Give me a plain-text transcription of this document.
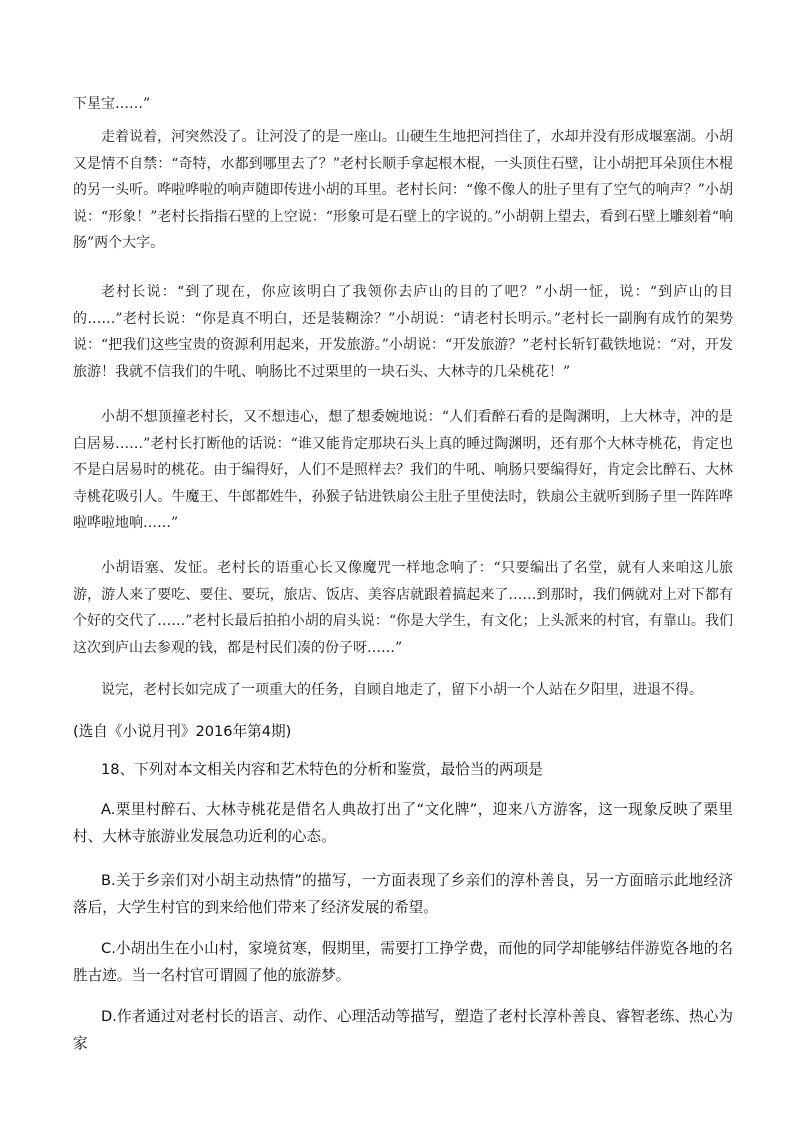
下星宝……”

走着说着，河突然没了。让河没了的是一座山。山硬生生地把河挡住了，水却并没有形成堰塞湖。小胡又是情不自禁：“奇特，水都到哪里去了？”老村长顺手拿起根木棍，一头顶住石壁，让小胡把耳朵顶住木棍的另一头听。哗啦哗啦的响声随即传进小胡的耳里。老村长问：“像不像人的肚子里有了空气的响声？”小胡说：“形象！”老村长指指石壁的上空说：“形象可是石壁上的字说的。”小胡朝上望去，看到石壁上雕刻着“响肠”两个大字。

老村长说：“到了现在，你应该明白了我领你去庐山的目的了吧？”小胡一怔，说：“到庐山的目的……”老村长说：“你是真不明白，还是装糊涂？”小胡说：“请老村长明示。”老村长一副胸有成竹的架势说：“把我们这些宝贵的资源利用起来，开发旅游。”小胡说：“开发旅游？”老村长斩钉截铁地说：“对，开发旅游！我就不信我们的牛吼、响肠比不过栗里的一块石头、大林寺的几朵桃花！”

小胡不想顶撞老村长，又不想违心，想了想委婉地说：“人们看醉石看的是陶渊明，上大林寺，冲的是白居易……”老村长打断他的话说：“谁又能肯定那块石头上真的睡过陶渊明，还有那个大林寺桃花，肯定也不是白居易时的桃花。由于编得好，人们不是照样去？我们的牛吼、响肠只要编得好，肯定会比醉石、大林寺桃花吸引人。牛魔王、牛郎都姓牛，孙猴子钻进铁扇公主肚子里使法时，铁扇公主就听到肠子里一阵阵哗啦哗啦地响……”

小胡语塞、发怔。老村长的语重心长又像魔咒一样地念响了：“只要编出了名堂，就有人来咱这儿旅游，游人来了要吃、要住、要玩，旅店、饭店、美容店就跟着搞起来了……到那时，我们俩就对上对下都有个好的交代了……”老村长最后拍拍小胡的肩头说：“你是大学生，有文化；上头派来的村官，有靠山。我们这次到庐山去参观的钱，都是村民们凑的份子呀……”

说完，老村长如完成了一项重大的任务，自顾自地走了，留下小胡一个人站在夕阳里，进退不得。

(选自《小说月刊》2016年第4期)

18、下列对本文相关内容和艺术特色的分析和鉴赏，最恰当的两项是

A.栗里村醉石、大林寺桃花是借名人典故打出了“文化牌”，迎来八方游客，这一现象反映了栗里村、大林寺旅游业发展急功近利的心态。

B.关于乡亲们对小胡主动热情”的描写，一方面表现了乡亲们的淳朴善良，另一方面暗示此地经济落后，大学生村官的到来给他们带来了经济发展的希望。

C.小胡出生在小山村，家境贫寒，假期里，需要打工挣学费，而他的同学却能够结伴游览各地的名胜古迹。当一名村官可谓圆了他的旅游梦。

D.作者通过对老村长的语言、动作、心理活动等描写，塑造了老村长淳朴善良、睿智老练、热心为家
